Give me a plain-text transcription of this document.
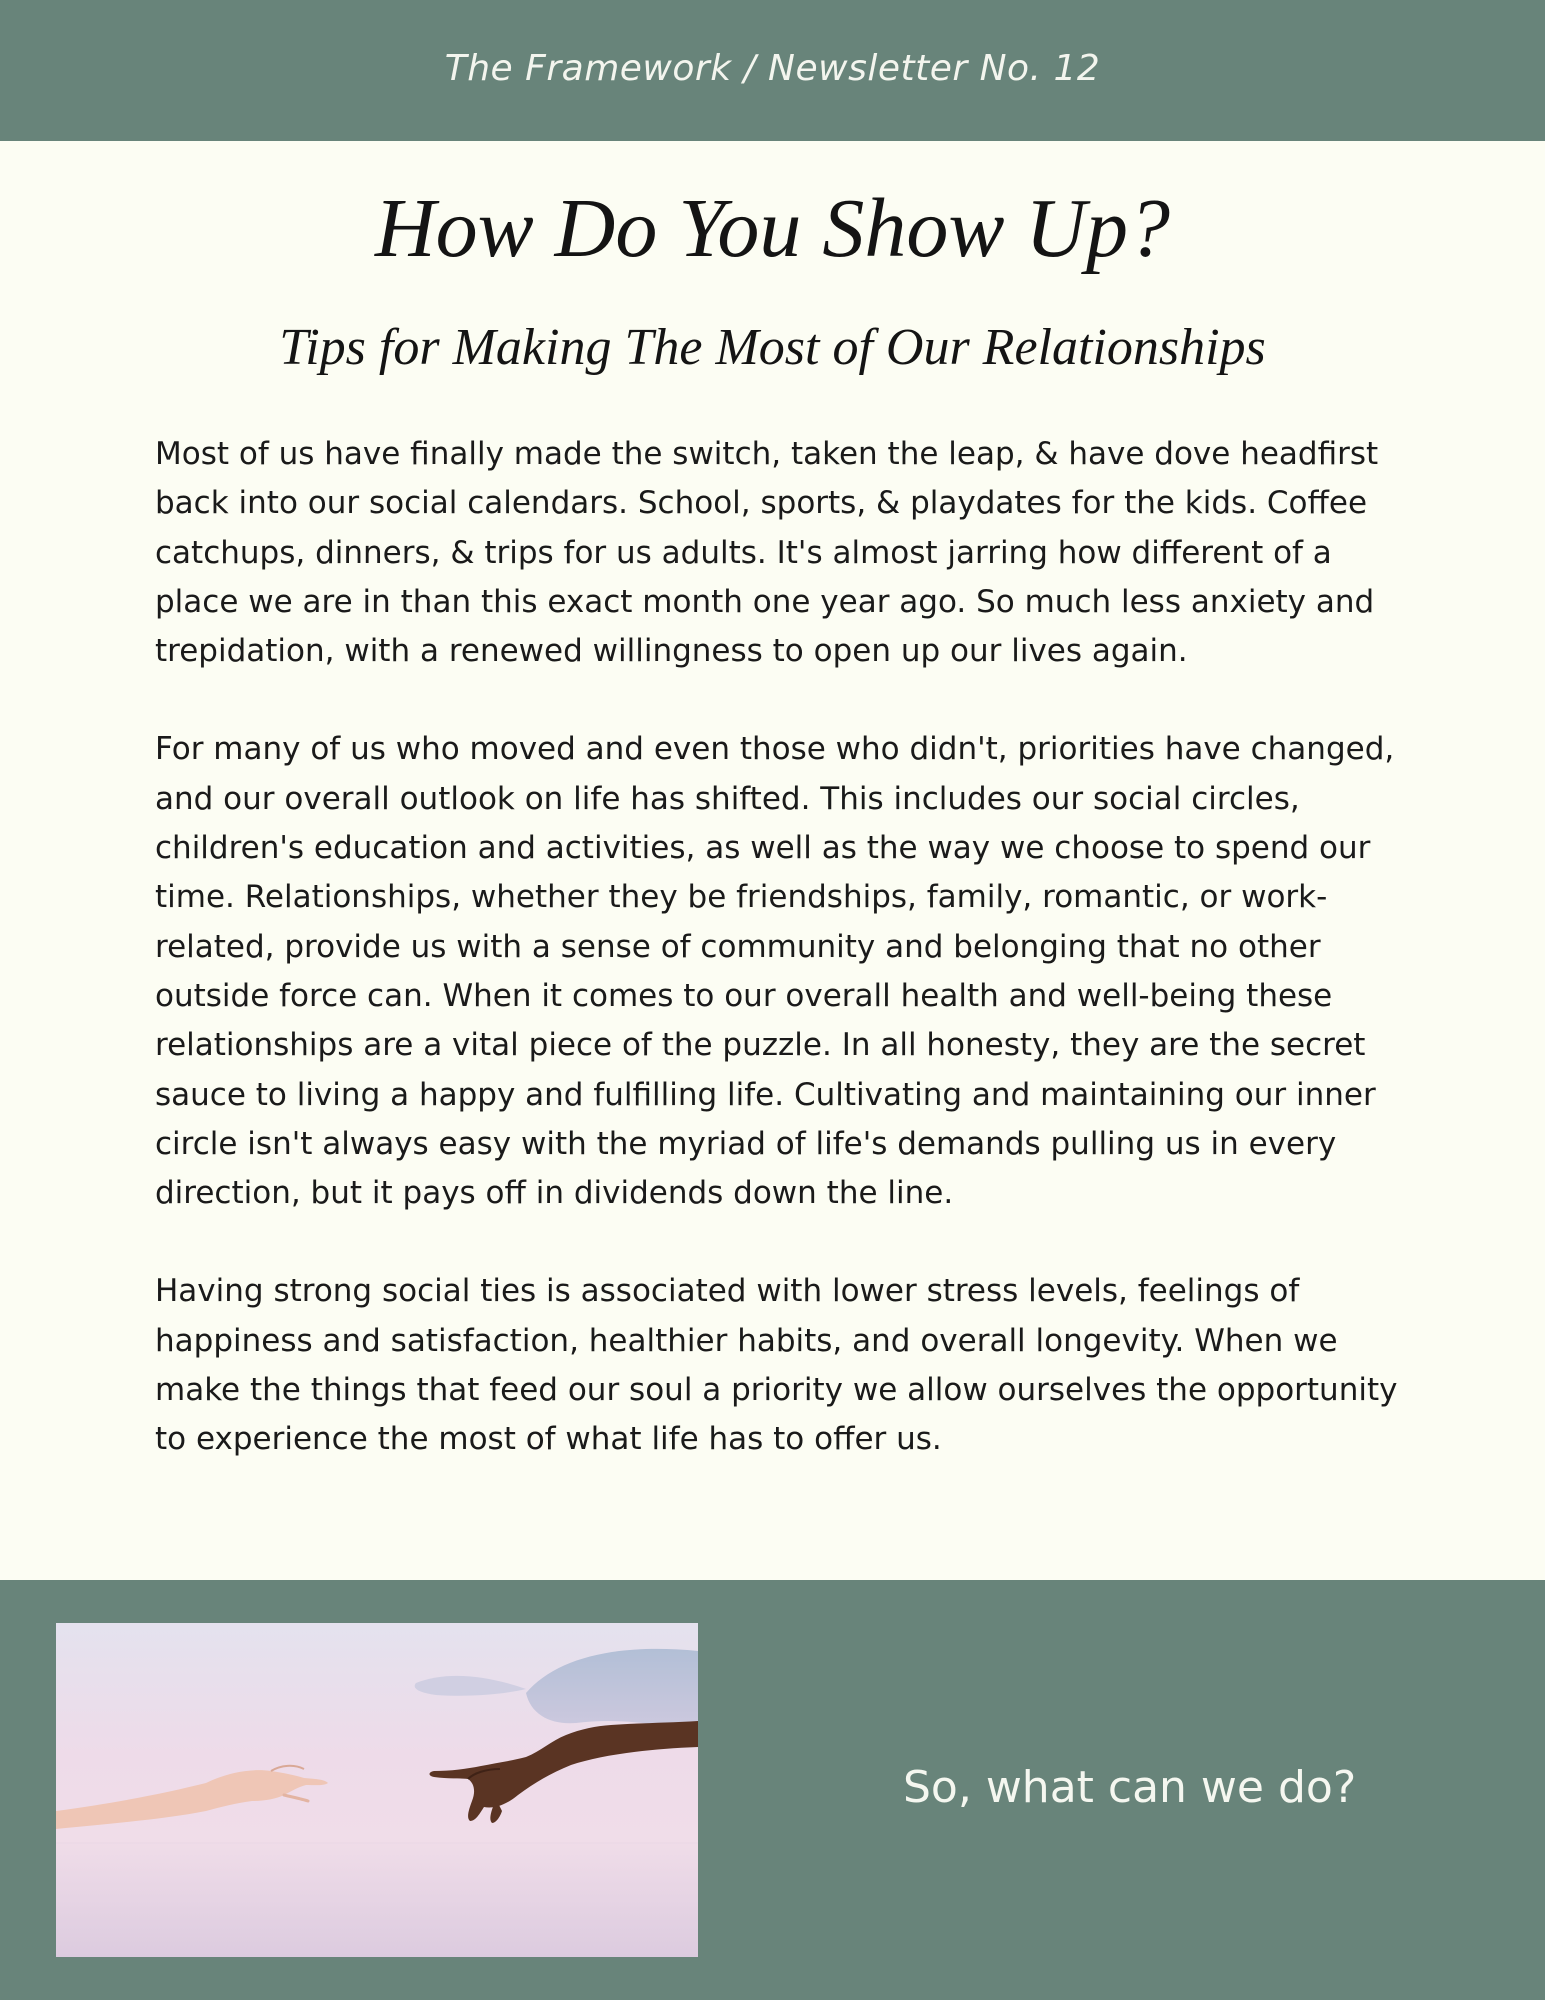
The Framework / Newsletter No. 12
How Do You Show Up?
Tips for Making The Most of Our Relationships

Most of us have finally made the switch, taken the leap, & have dove headfirst back into our social calendars. School, sports, & playdates for the kids. Coffee catchups, dinners, & trips for us adults. It's almost jarring how different of a place we are in than this exact month one year ago. So much less anxiety and trepidation, with a renewed willingness to open up our lives again.

For many of us who moved and even those who didn't, priorities have changed, and our overall outlook on life has shifted. This includes our social circles, children's education and activities, as well as the way we choose to spend our time. Relationships, whether they be friendships, family, romantic, or work-related, provide us with a sense of community and belonging that no other outside force can. When it comes to our overall health and well-being these relationships are a vital piece of the puzzle. In all honesty, they are the secret sauce to living a happy and fulfilling life. Cultivating and maintaining our inner circle isn't always easy with the myriad of life's demands pulling us in every direction, but it pays off in dividends down the line.

Having strong social ties is associated with lower stress levels, feelings of happiness and satisfaction, healthier habits, and overall longevity. When we make the things that feed our soul a priority we allow ourselves the opportunity to experience the most of what life has to offer us.

So, what can we do?
